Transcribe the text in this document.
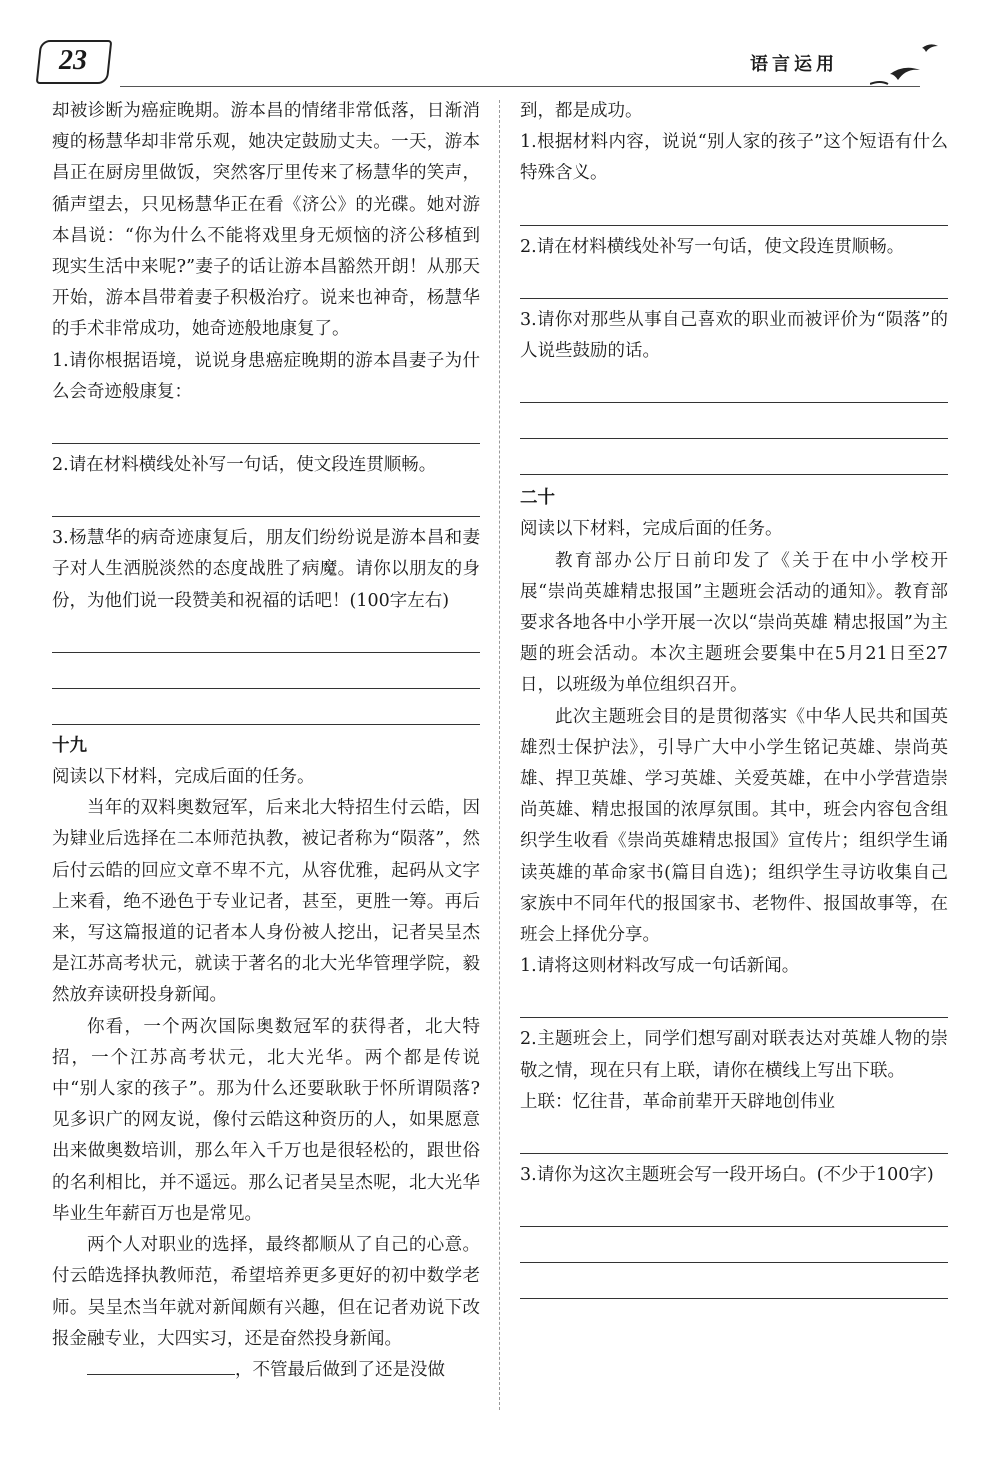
23	语言运用

却被诊断为癌症晚期。游本昌的情绪非常低落，日渐消瘦的杨慧华却非常乐观，她决定鼓励丈夫。一天，游本昌正在厨房里做饭，突然客厅里传来了杨慧华的笑声，循声望去，只见杨慧华正在看《济公》的光碟。她对游本昌说：“你为什么不能将戏里身无烦恼的济公移植到现实生活中来呢?”妻子的话让游本昌豁然开朗！从那天开始，游本昌带着妻子积极治疗。说来也神奇，杨慧华的手术非常成功，她奇迹般地康复了。

1.请你根据语境，说说身患癌症晚期的游本昌妻子为什么会奇迹般康复：

2.请在材料横线处补写一句话，使文段连贯顺畅。

3.杨慧华的病奇迹康复后，朋友们纷纷说是游本昌和妻子对人生洒脱淡然的态度战胜了病魔。请你以朋友的身份，为他们说一段赞美和祝福的话吧！(100字左右)

十九

阅读以下材料，完成后面的任务。

当年的双料奥数冠军，后来北大特招生付云皓，因为肄业后选择在二本师范执教，被记者称为“陨落”，然后付云皓的回应文章不卑不亢，从容优雅，起码从文字上来看，绝不逊色于专业记者，甚至，更胜一筹。再后来，写这篇报道的记者本人身份被人挖出，记者吴呈杰是江苏高考状元，就读于著名的北大光华管理学院，毅然放弃读研投身新闻。

你看，一个两次国际奥数冠军的获得者，北大特招，一个江苏高考状元，北大光华。两个都是传说中“别人家的孩子”。那为什么还要耿耿于怀所谓陨落?见多识广的网友说，像付云皓这种资历的人，如果愿意出来做奥数培训，那么年入千万也是很轻松的，跟世俗的名利相比，并不遥远。那么记者吴呈杰呢，北大光华毕业生年薪百万也是常见。

两个人对职业的选择，最终都顺从了自己的心意。付云皓选择执教师范，希望培养更多更好的初中数学老师。吴呈杰当年就对新闻颇有兴趣，但在记者劝说下改报金融专业，大四实习，还是奋然投身新闻。

，不管最后做到了还是没做

到，都是成功。

1.根据材料内容，说说“别人家的孩子”这个短语有什么特殊含义。

2.请在材料横线处补写一句话，使文段连贯顺畅。

3.请你对那些从事自己喜欢的职业而被评价为“陨落”的人说些鼓励的话。

二十

阅读以下材料，完成后面的任务。

教育部办公厅日前印发了《关于在中小学校开展“崇尚英雄精忠报国”主题班会活动的通知》。教育部要求各地各中小学开展一次以“崇尚英雄 精忠报国”为主题的班会活动。本次主题班会要集中在5月21日至27日，以班级为单位组织召开。

此次主题班会目的是贯彻落实《中华人民共和国英雄烈士保护法》，引导广大中小学生铭记英雄、崇尚英雄、捍卫英雄、学习英雄、关爱英雄，在中小学营造崇尚英雄、精忠报国的浓厚氛围。其中，班会内容包含组织学生收看《崇尚英雄精忠报国》宣传片；组织学生诵读英雄的革命家书(篇目自选)；组织学生寻访收集自己家族中不同年代的报国家书、老物件、报国故事等，在班会上择优分享。

1.请将这则材料改写成一句话新闻。

2.主题班会上，同学们想写副对联表达对英雄人物的崇敬之情，现在只有上联，请你在横线上写出下联。

上联：忆往昔，革命前辈开天辟地创伟业

3.请你为这次主题班会写一段开场白。(不少于100字)
